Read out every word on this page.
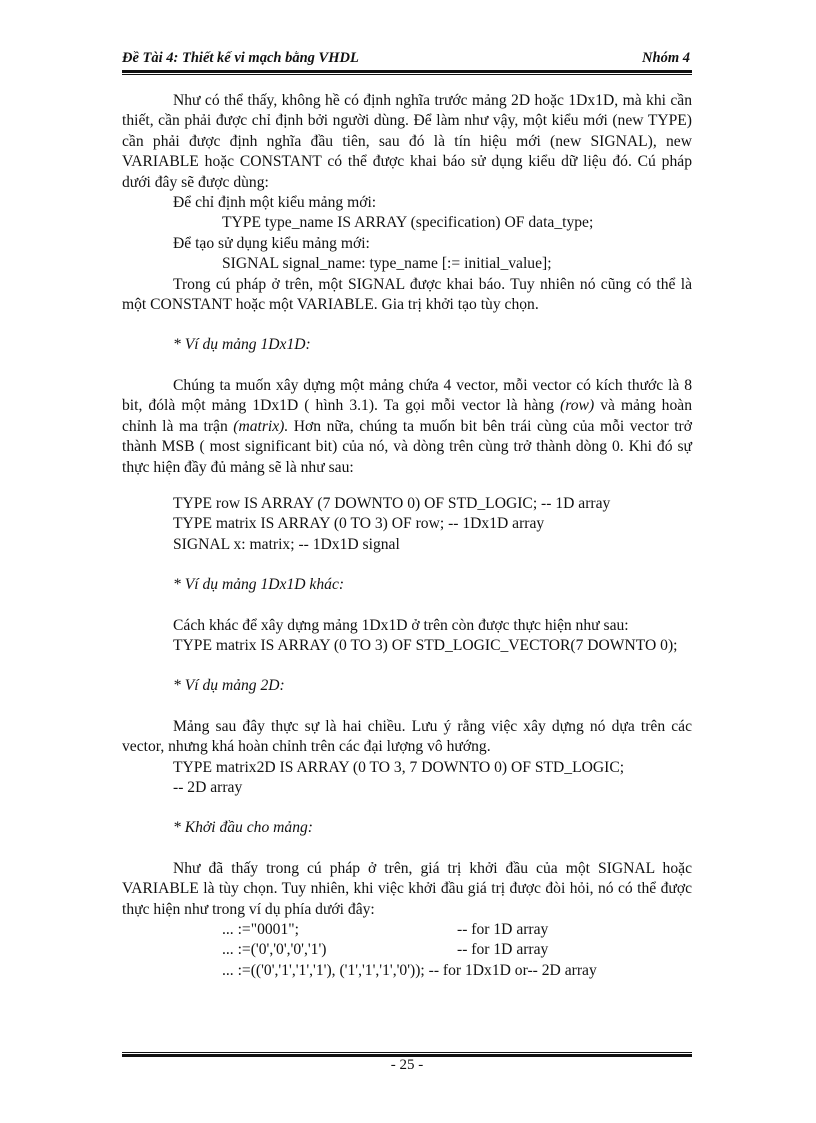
Đề Tài 4: Thiết kế vi mạch bằng VHDL	Nhóm 4

Như có thể thấy, không hề có định nghĩa trước mảng 2D hoặc 1Dx1D, mà khi cần thiết, cần phải được chỉ định bởi người dùng. Để làm như vậy, một kiểu mới (new TYPE) cần phải được định nghĩa đầu tiên, sau đó là tín hiệu mới (new SIGNAL), new VARIABLE hoặc CONSTANT có thể được khai báo sử dụng kiểu dữ liệu đó. Cú pháp dưới đây sẽ được dùng:

Để chỉ định một kiểu mảng mới:

TYPE type_name IS ARRAY (specification) OF data_type;

Để tạo sử dụng kiểu mảng mới:

SIGNAL signal_name: type_name [:= initial_value];

Trong cú pháp ở trên, một SIGNAL được khai báo. Tuy nhiên nó cũng có thể là một CONSTANT hoặc một VARIABLE. Gia trị khởi tạo tùy chọn.

* Ví dụ mảng 1Dx1D:

Chúng ta muốn xây dựng một mảng chứa 4 vector, mỗi vector có kích thước là 8 bit, đólà một mảng 1Dx1D ( hình 3.1). Ta gọi mỗi vector là hàng (row) và mảng hoàn chỉnh là ma trận (matrix). Hơn nữa, chúng ta muốn bit bên trái cùng của mỗi vector trở thành MSB ( most significant bit) của nó, và dòng trên cùng trở thành dòng 0. Khi đó sự thực hiện đầy đủ mảng sẽ là như sau:

TYPE row IS ARRAY (7 DOWNTO 0) OF STD_LOGIC; -- 1D array

TYPE matrix IS ARRAY (0 TO 3) OF row; -- 1Dx1D array

SIGNAL x: matrix; -- 1Dx1D signal

* Ví dụ mảng 1Dx1D khác:

Cách khác để xây dựng mảng 1Dx1D ở trên còn được thực hiện như sau:

TYPE matrix IS ARRAY (0 TO 3) OF STD_LOGIC_VECTOR(7 DOWNTO 0);

* Ví dụ mảng 2D:

Mảng sau đây thực sự là hai chiều. Lưu ý rằng việc xây dựng nó dựa trên các vector, nhưng khá hoàn chỉnh trên các đại lượng vô hướng.

TYPE matrix2D IS ARRAY (0 TO 3, 7 DOWNTO 0) OF STD_LOGIC;

-- 2D array

* Khởi đầu cho mảng:

Như đã thấy trong cú pháp ở trên, giá trị khởi đầu của một SIGNAL hoặc VARIABLE là tùy chọn. Tuy nhiên, khi việc khởi đầu giá trị được đòi hỏi, nó có thể được thực hiện như trong ví dụ phía dưới đây:

... :="0001";	-- for 1D array
... :=('0','0','0','1')	-- for 1D array
... :=(('0','1','1','1'), ('1','1','1','0')); -- for 1Dx1D or-- 2D array
- 25 -
